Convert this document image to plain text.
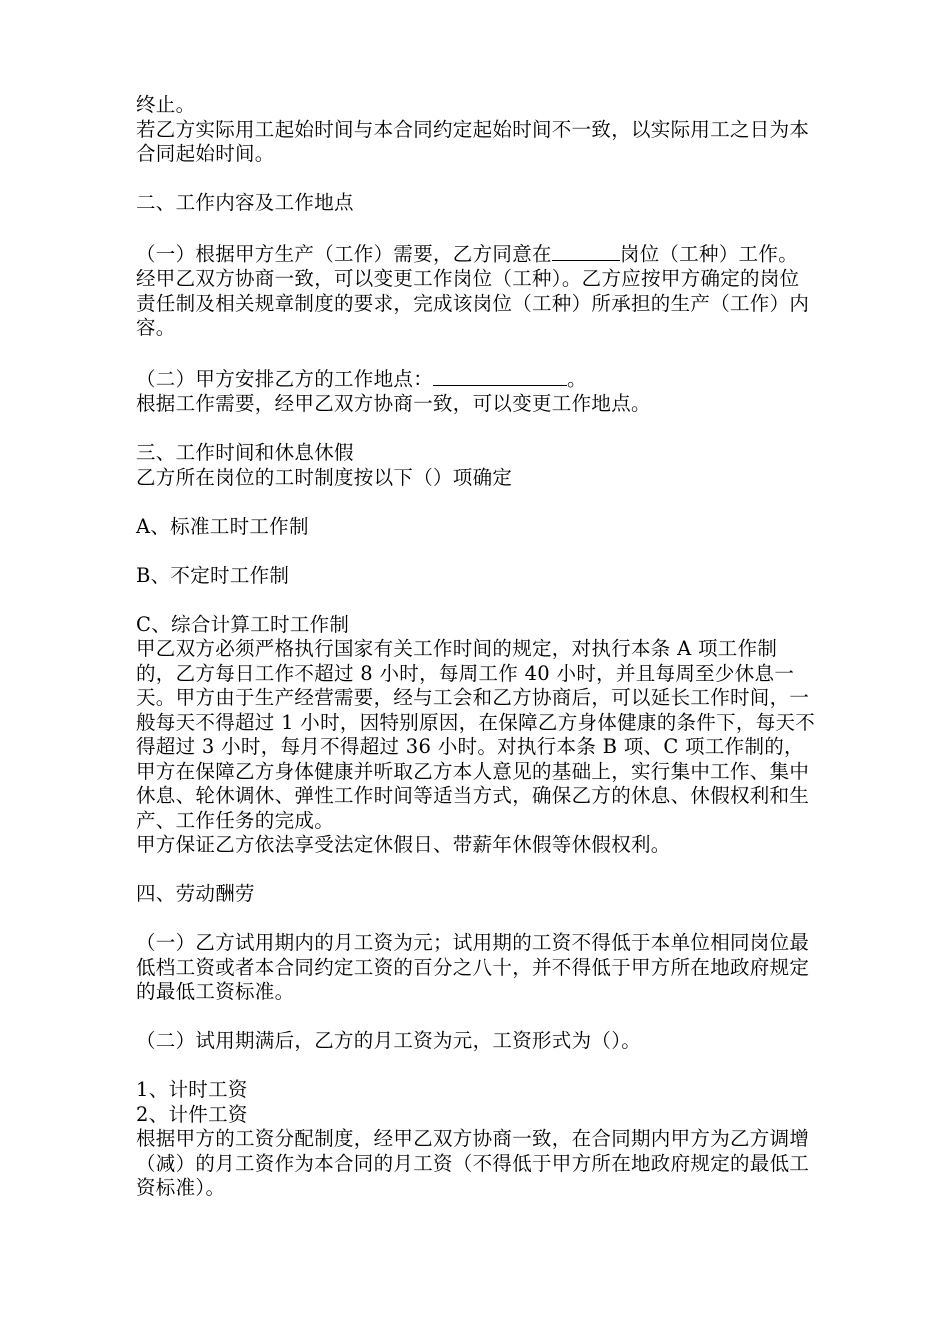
终止。

若乙方实际用工起始时间与本合同约定起始时间不一致，以实际用工之日为本合同起始时间。

二、工作内容及工作地点

（一）根据甲方生产（工作）需要，乙方同意在	岗位（工种）工作。经甲乙双方协商一致，可以变更工作岗位（工种）。乙方应按甲方确定的岗位责任制及相关规章制度的要求，完成该岗位（工种）所承担的生产（工作）内容。

（二）甲方安排乙方的工作地点：	。

根据工作需要，经甲乙双方协商一致，可以变更工作地点。

三、工作时间和休息休假

乙方所在岗位的工时制度按以下（）项确定

A、标准工时工作制

B、不定时工作制

C、综合计算工时工作制

甲乙双方必须严格执行国家有关工作时间的规定，对执行本条 A 项工作制的，乙方每日工作不超过 8 小时，每周工作 40 小时，并且每周至少休息一天。甲方由于生产经营需要，经与工会和乙方协商后，可以延长工作时间，一般每天不得超过 1 小时，因特别原因，在保障乙方身体健康的条件下，每天不得超过 3 小时，每月不得超过 36 小时。对执行本条 B 项、C 项工作制的，甲方在保障乙方身体健康并听取乙方本人意见的基础上，实行集中工作、集中休息、轮休调休、弹性工作时间等适当方式，确保乙方的休息、休假权利和生产、工作任务的完成。

甲方保证乙方依法享受法定休假日、带薪年休假等休假权利。

四、劳动酬劳

（一）乙方试用期内的月工资为元；试用期的工资不得低于本单位相同岗位最低档工资或者本合同约定工资的百分之八十，并不得低于甲方所在地政府规定的最低工资标准。

（二）试用期满后，乙方的月工资为元，工资形式为（）。

1、计时工资

2、计件工资

根据甲方的工资分配制度，经甲乙双方协商一致，在合同期内甲方为乙方调增（减）的月工资作为本合同的月工资（不得低于甲方所在地政府规定的最低工资标准）。
